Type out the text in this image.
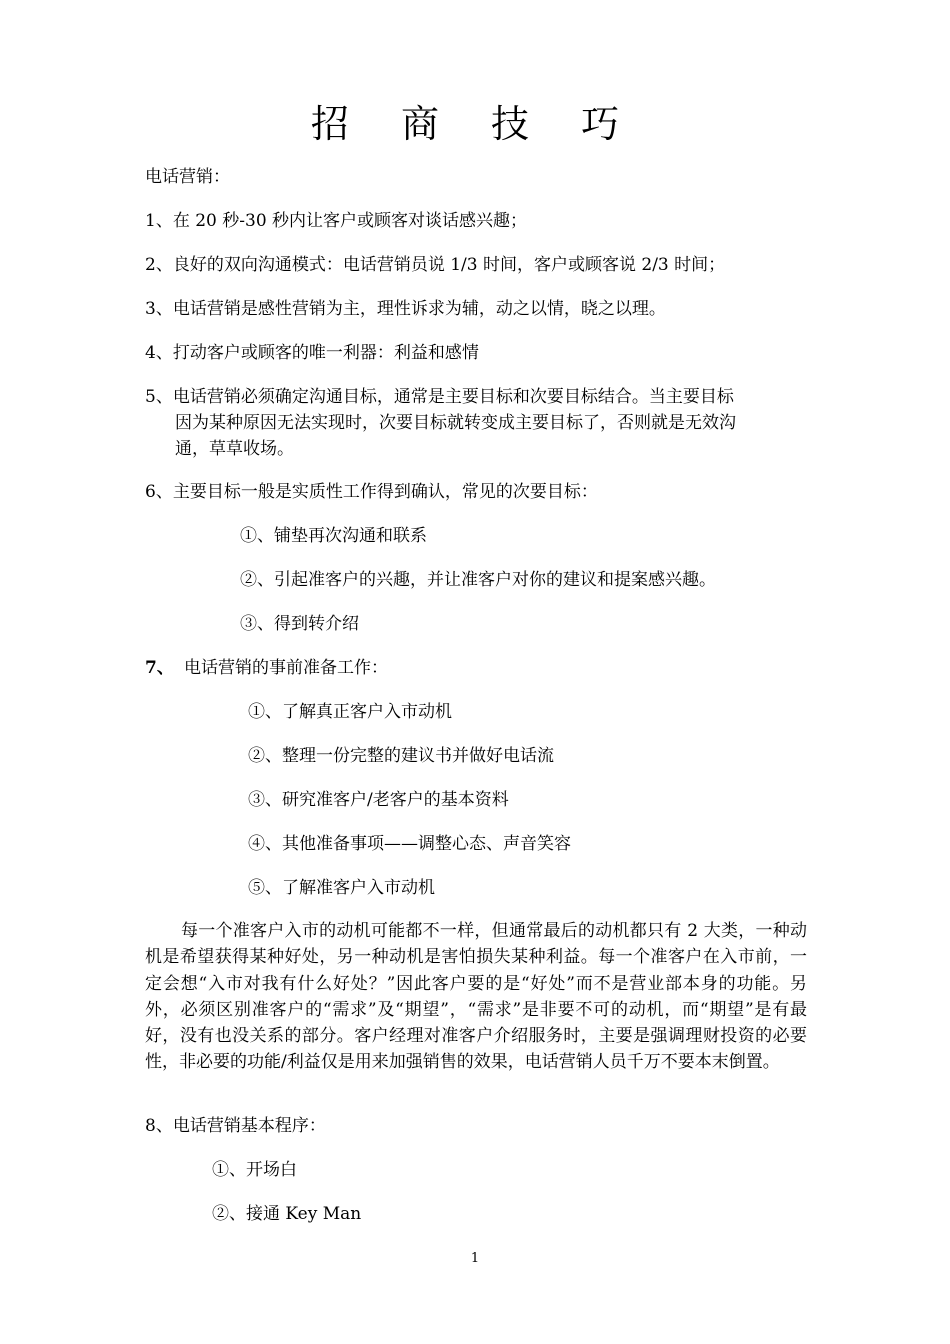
招 商 技 巧
电话营销：
1、在 20 秒-30 秒内让客户或顾客对谈话感兴趣；
2、良好的双向沟通模式：电话营销员说 1/3 时间，客户或顾客说 2/3 时间；
3、电话营销是感性营销为主，理性诉求为辅，动之以情，晓之以理。
4、打动客户或顾客的唯一利器：利益和感情
5、电话营销必须确定沟通目标，通常是主要目标和次要目标结合。当主要目标
因为某种原因无法实现时，次要目标就转变成主要目标了，否则就是无效沟
通，草草收场。
6、主要目标一般是实质性工作得到确认，常见的次要目标：
①、铺垫再次沟通和联系
②、引起准客户的兴趣，并让准客户对你的建议和提案感兴趣。
③、得到转介绍
7、 电话营销的事前准备工作：
①、了解真正客户入市动机
②、整理一份完整的建议书并做好电话流
③、研究准客户/老客户的基本资料
④、其他准备事项——调整心态、声音笑容
⑤、了解准客户入市动机
每一个准客户入市的动机可能都不一样，但通常最后的动机都只有 2 大类，一种动机是希望获得某种好处，另一种动机是害怕损失某种利益。每一个准客户在入市前，一定会想“入市对我有什么好处？”因此客户要的是“好处”而不是营业部本身的功能。另外，必须区别准客户的“需求”及“期望”，“需求”是非要不可的动机，而“期望”是有最好，没有也没关系的部分。客户经理对准客户介绍服务时，主要是强调理财投资的必要性，非必要的功能/利益仅是用来加强销售的效果，电话营销人员千万不要本末倒置。
8、电话营销基本程序：
①、开场白
②、接通 Key Man
1
